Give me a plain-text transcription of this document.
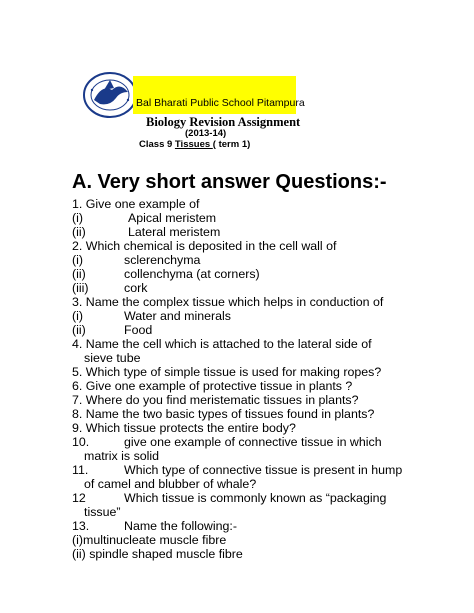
Bal Bharati Public School Pitampura
Biology Revision Assignment
(2013-14)
Class 9 Tissues ( term 1)
A. Very short answer Questions:-
1. Give one example of
(i)	Apical meristem
(ii)	Lateral meristem
2. Which chemical is deposited in the cell wall of
(i)	sclerenchyma
(ii)	collenchyma (at corners)
(iii)	cork
3. Name the complex tissue which helps in conduction of
(i)	Water and minerals
(ii)	Food
4. Name the cell which is attached to the lateral side of
sieve tube
5. Which type of simple tissue is used for making ropes?
6. Give one example of protective tissue in plants ?
7. Where do you find meristematic tissues in plants?
8. Name the two basic types of tissues found in plants?
9. Which tissue protects the entire body?
10.	give one example of connective tissue in which
matrix is solid
11.	Which type of connective tissue is present in hump
of camel and blubber of whale?
12	Which tissue is commonly known as “packaging
tissue”
13.	Name the following:-
(i)multinucleate muscle fibre
(ii) spindle shaped muscle fibre
